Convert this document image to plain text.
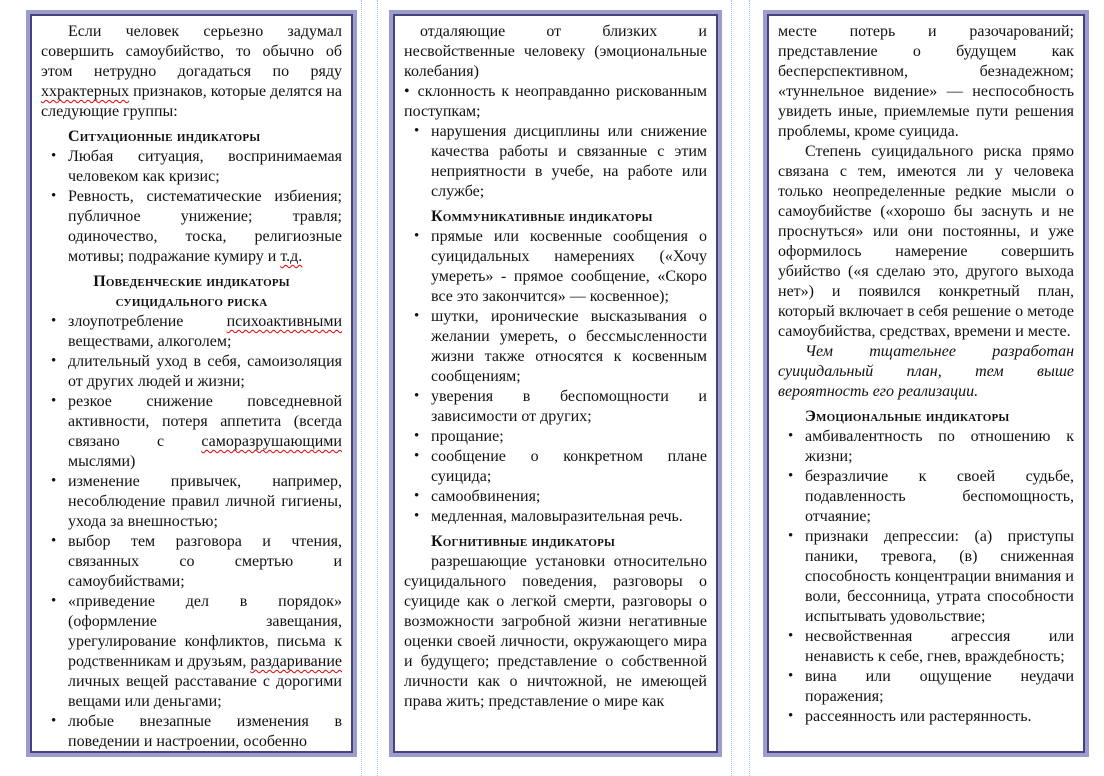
Если человек серьезно задумал совершить самоубийство, то обычно об этом нетрудно догадаться по ряду ххрактерных признаков, которые делятся на следующие группы:

Ситуационные индикаторы
• Любая ситуация, воспринимаемая человеком как кризис;
• Ревность, систематические избиения; публичное унижение; травля; одиночество, тоска, религиозные мотивы; подражание кумиру и т.д.
Поведенческие индикаторы суицидального риска
• злоупотребление психоактивными веществами, алкоголем;
• длительный уход в себя, самоизоляция от других людей и жизни;
• резкое снижение повседневной активности, потеря аппетита (всегда связано с саморазрушающими мыслями)
• изменение привычек, например, несоблюдение правил личной гигиены, ухода за внешностью;
• выбор тем разговора и чтения, связанных со смертью и самоубийствами;
• «приведение дел в порядок» (оформление завещания, урегулирование конфликтов, письма к родственникам и друзьям, раздаривание личных вещей расставание с дорогими вещами или деньгами;
• любые внезапные изменения в поведении и настроении, особенно

отдаляющие от близких и несвойственные человеку (эмоциональные колебания)

• склонность к неоправданно рискованным поступкам;

• нарушения дисциплины или снижение качества работы и связанные с этим неприятности в учебе, на работе или службе;
Коммуникативные индикаторы
• прямые или косвенные сообщения о суицидальных намерениях («Хочу умереть» - прямое сообщение, «Скоро все это закончится» — косвенное);
• шутки, иронические высказывания о желании умереть, о бессмысленности жизни также относятся к косвенным сообщениям;
• уверения в беспомощности и зависимости от других;
• прощание;
• сообщение о конкретном плане суицида;
• самообвинения;
• медленная, маловыразительная речь.
Когнитивные индикаторы

разрешающие установки относительно суицидального поведения, разговоры о суициде как о легкой смерти, разговоры о возможности загробной жизни негативные оценки своей личности, окружающего мира и будущего; представление о собственной личности как о ничтожной, не имеющей права жить; представление о мире как

месте потерь и разочарований; представление о будущем как бесперспективном, безнадежном; «туннельное видение» — неспособность увидеть иные, приемлемые пути решения проблемы, кроме суицида.

Степень суицидального риска прямо связана с тем, имеются ли у человека только неопределенные редкие мысли о самоубийстве («хорошо бы заснуть и не проснуться» или они постоянны, и уже оформилось намерение совершить убийство («я сделаю это, другого выхода нет») и появился конкретный план, который включает в себя решение о методе самоубийства, средствах, времени и месте.

Чем тщательнее разработан суицидальный план, тем выше вероятность его реализации.

Эмоциональные индикаторы
• амбивалентность по отношению к жизни;
• безразличие к своей судьбе, подавленность беспомощность, отчаяние;
• признаки депрессии: (а) приступы паники, тревога, (в) сниженная способность концентрации внимания и воли, бессонница, утрата способности испытывать удовольствие;
• несвойственная агрессия или ненависть к себе, гнев, враждебность;
• вина или ощущение неудачи поражения;
• рассеянность или растерянность.
